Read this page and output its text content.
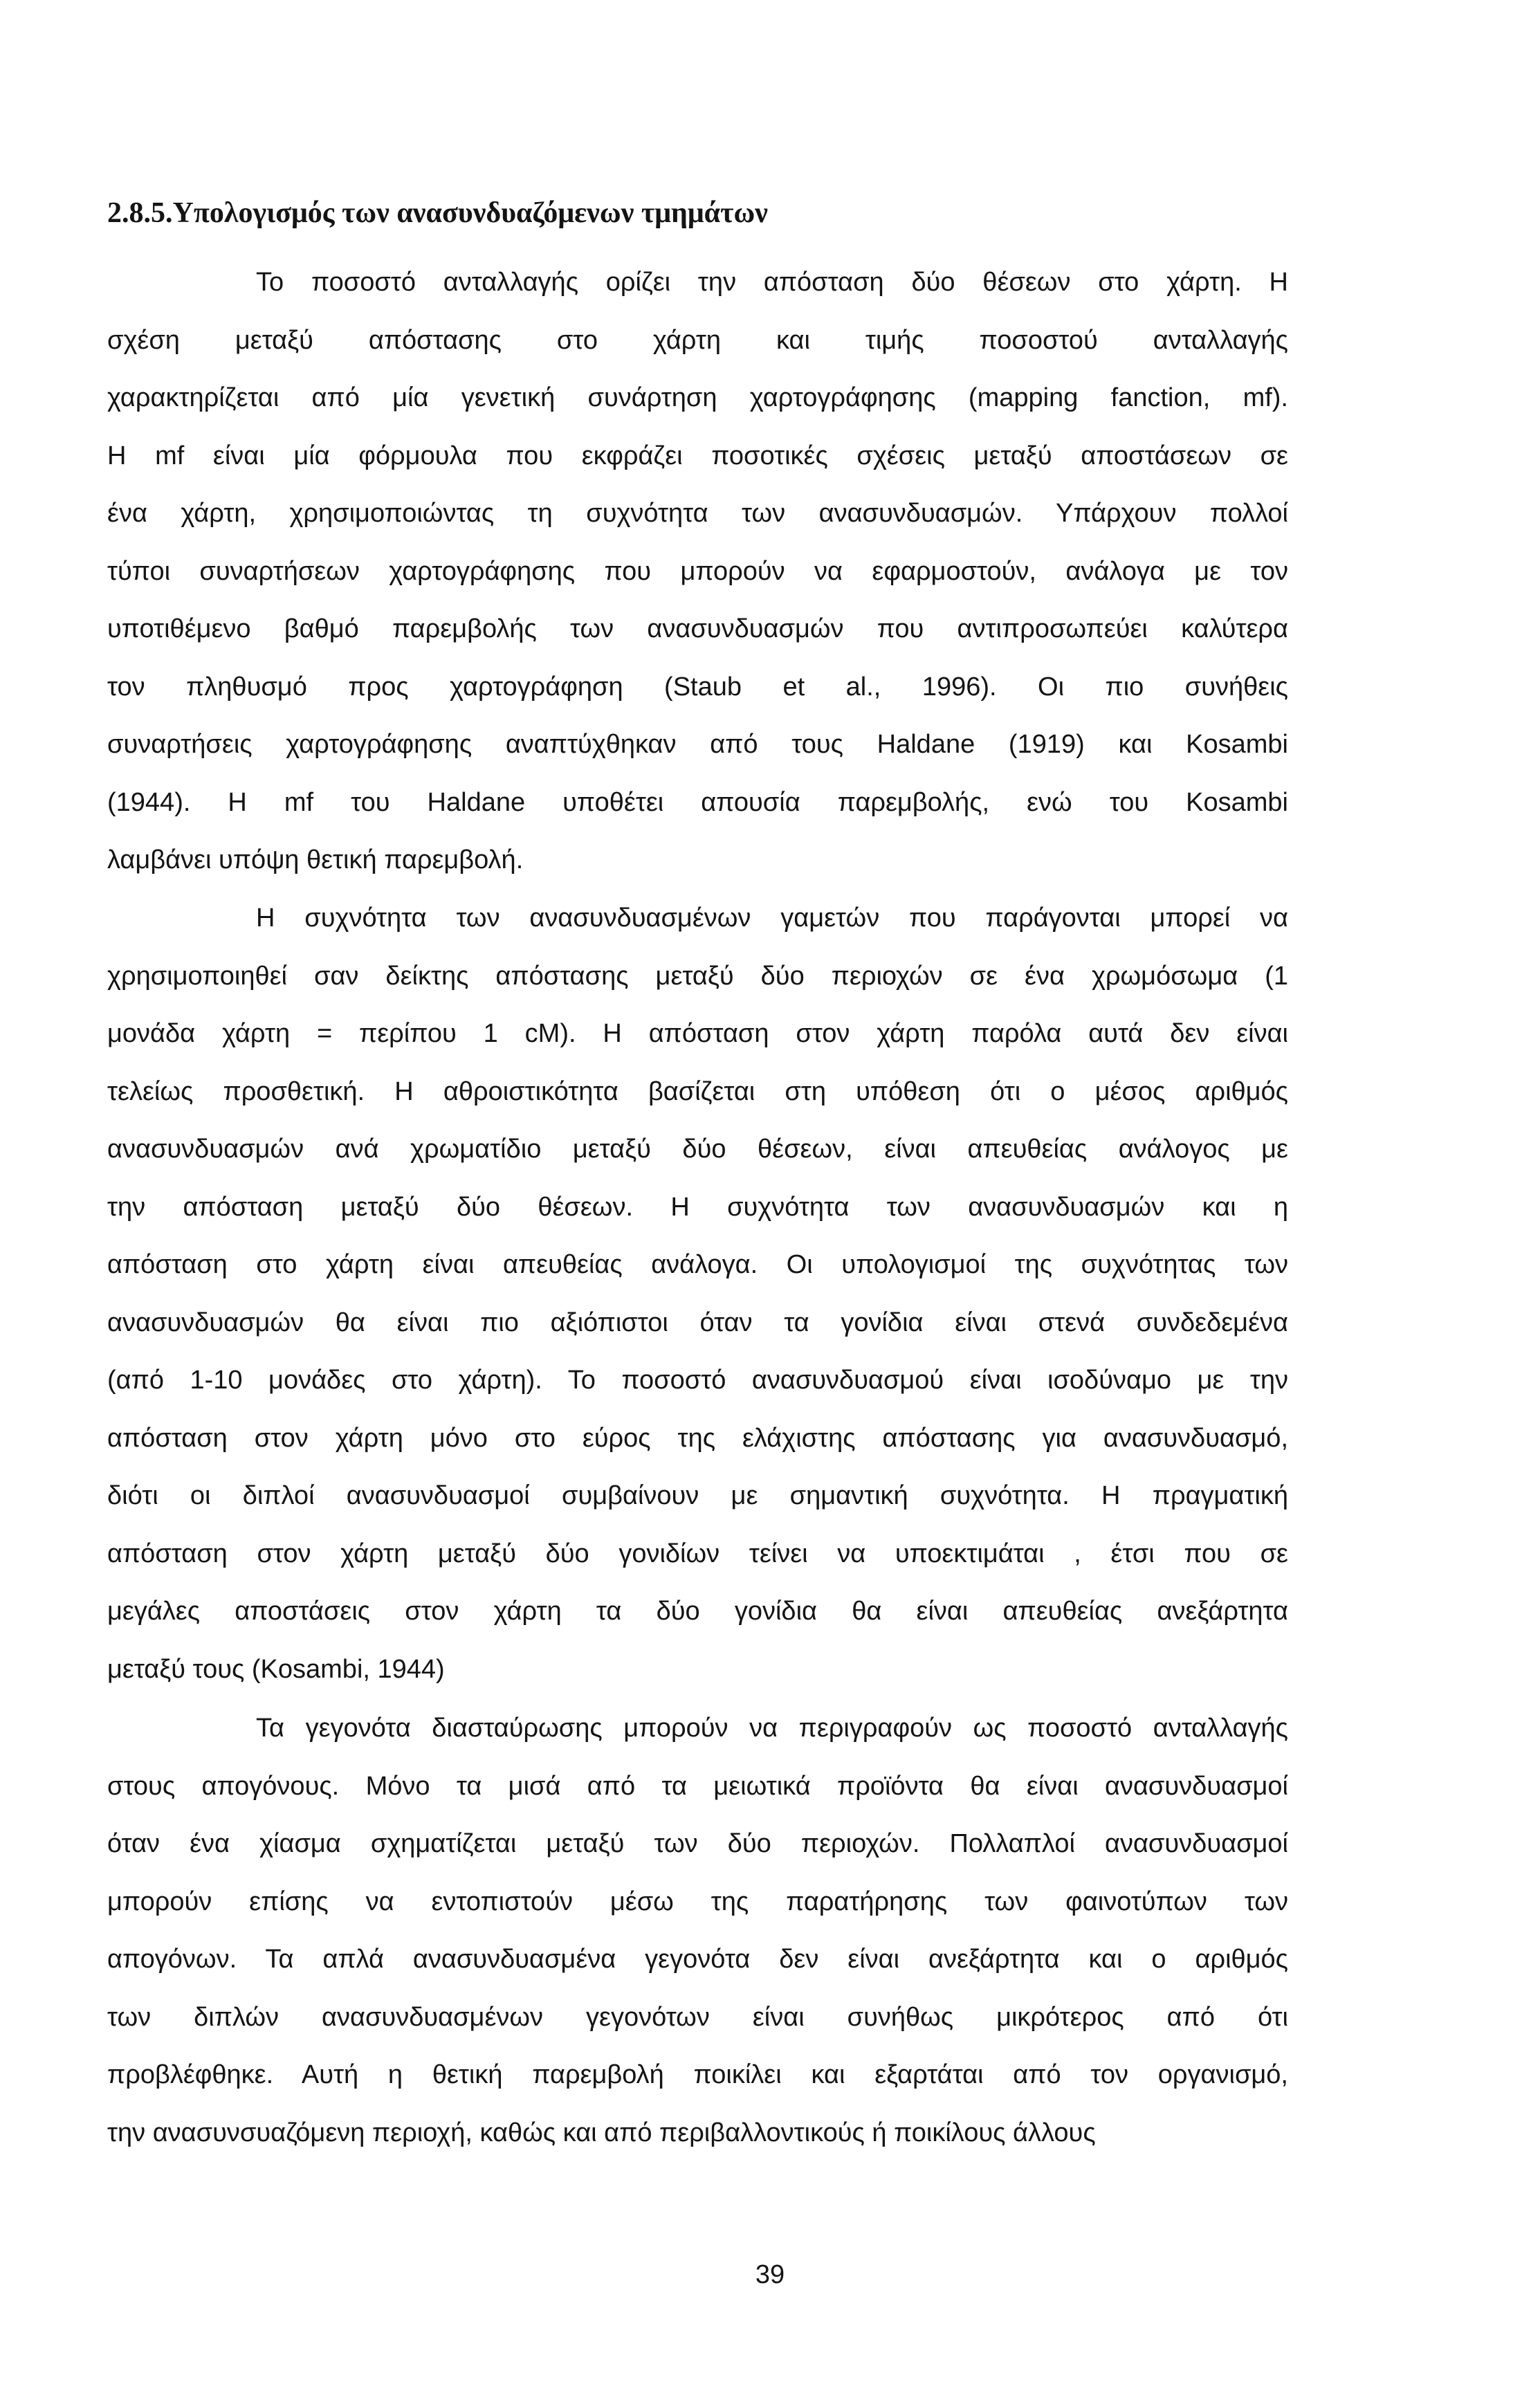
2.8.5.Υπολογισμός των ανασυνδυαζόμενων τμημάτων
Το ποσοστό ανταλλαγής ορίζει την απόσταση δύο θέσεων στο χάρτη. Η
σχέση μεταξύ απόστασης στο χάρτη και τιμής ποσοστού ανταλλαγής
χαρακτηρίζεται από μία γενετική συνάρτηση χαρτογράφησης (mapping fanction, mf).
Η mf είναι μία φόρμουλα που εκφράζει ποσοτικές σχέσεις μεταξύ αποστάσεων σε
ένα χάρτη, χρησιμοποιώντας τη συχνότητα των ανασυνδυασμών. Υπάρχουν πολλοί
τύποι συναρτήσεων χαρτογράφησης που μπορούν να εφαρμοστούν, ανάλογα με τον
υποτιθέμενο βαθμό παρεμβολής των ανασυνδυασμών που αντιπροσωπεύει καλύτερα
τον πληθυσμό προς χαρτογράφηση (Staub et al., 1996). Οι πιο συνήθεις
συναρτήσεις χαρτογράφησης αναπτύχθηκαν από τους Haldane (1919) και Kosambi
(1944). Η mf του Haldane υποθέτει απουσία παρεμβολής, ενώ του Kosambi
λαμβάνει υπόψη θετική παρεμβολή.
Η συχνότητα των ανασυνδυασμένων γαμετών που παράγονται μπορεί να
χρησιμοποιηθεί σαν δείκτης απόστασης μεταξύ δύο περιοχών σε ένα χρωμόσωμα (1
μονάδα χάρτη = περίπου 1 cM). Η απόσταση στον χάρτη παρόλα αυτά δεν είναι
τελείως προσθετική. Η αθροιστικότητα βασίζεται στη υπόθεση ότι ο μέσος αριθμός
ανασυνδυασμών ανά χρωματίδιο μεταξύ δύο θέσεων, είναι απευθείας ανάλογος με
την απόσταση μεταξύ δύο θέσεων. Η συχνότητα των ανασυνδυασμών και η
απόσταση στο χάρτη είναι απευθείας ανάλογα. Οι υπολογισμοί της συχνότητας των
ανασυνδυασμών θα είναι πιο αξιόπιστοι όταν τα γονίδια είναι στενά συνδεδεμένα
(από 1-10 μονάδες στο χάρτη). Το ποσοστό ανασυνδυασμού είναι ισοδύναμο με την
απόσταση στον χάρτη μόνο στο εύρος της ελάχιστης απόστασης για ανασυνδυασμό,
διότι οι διπλοί ανασυνδυασμοί συμβαίνουν με σημαντική συχνότητα. Η πραγματική
απόσταση στον χάρτη μεταξύ δύο γονιδίων τείνει να υποεκτιμάται , έτσι που σε
μεγάλες αποστάσεις στον χάρτη τα δύο γονίδια θα είναι απευθείας ανεξάρτητα
μεταξύ τους (Kosambi, 1944)
Τα γεγονότα διασταύρωσης μπορούν να περιγραφούν ως ποσοστό ανταλλαγής
στους απογόνους. Μόνο τα μισά από τα μειωτικά προϊόντα θα είναι ανασυνδυασμοί
όταν ένα χίασμα σχηματίζεται μεταξύ των δύο περιοχών. Πολλαπλοί ανασυνδυασμοί
μπορούν επίσης να εντοπιστούν μέσω της παρατήρησης των φαινοτύπων των
απογόνων. Τα απλά ανασυνδυασμένα γεγονότα δεν είναι ανεξάρτητα και ο αριθμός
των διπλών ανασυνδυασμένων γεγονότων είναι συνήθως μικρότερος από ότι
προβλέφθηκε. Αυτή η θετική παρεμβολή ποικίλει και εξαρτάται από τον οργανισμό,
την ανασυνσυαζόμενη περιοχή, καθώς και από περιβαλλοντικούς ή ποικίλους άλλους
39
